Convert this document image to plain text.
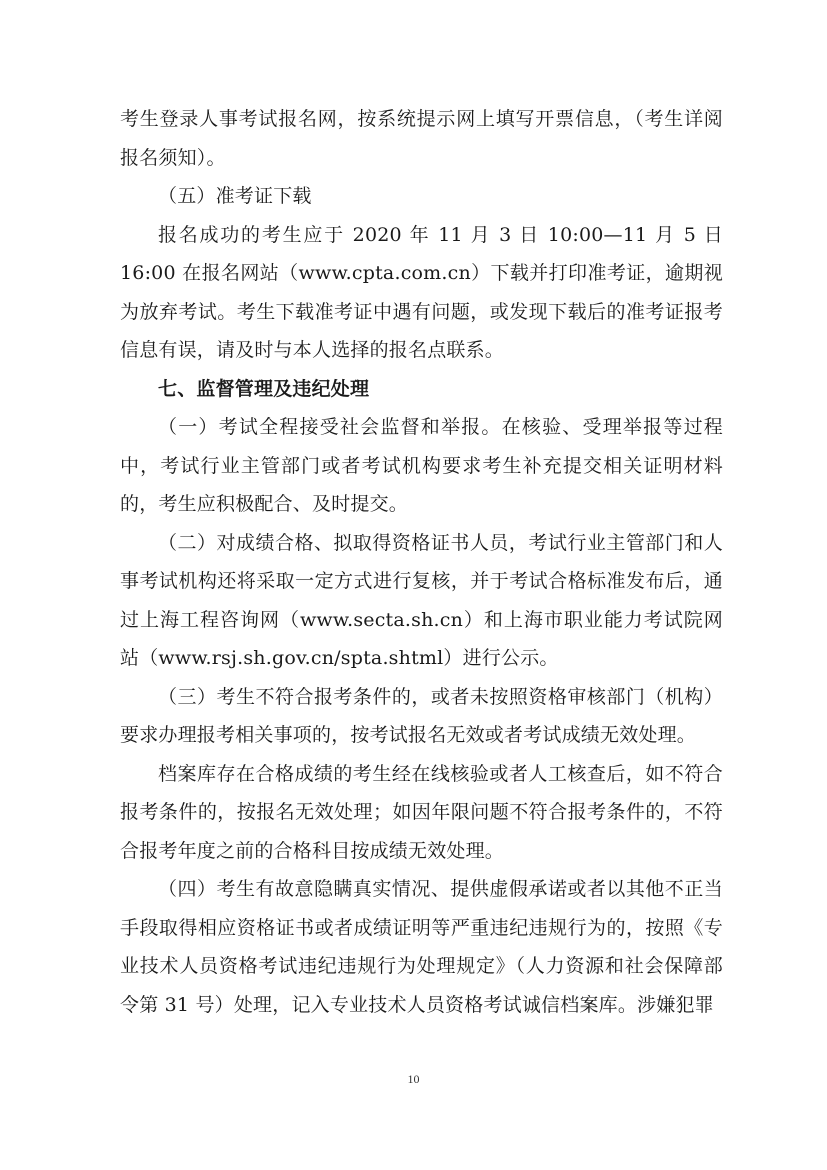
考生登录人事考试报名网，按系统提示网上填写开票信息，（考生详阅报名须知）。

（五）准考证下载

报名成功的考生应于 2020 年 11 月 3 日 10:00—11 月 5 日 16:00 在报名网站（www.cpta.com.cn）下载并打印准考证，逾期视为放弃考试。考生下载准考证中遇有问题，或发现下载后的准考证报考信息有误，请及时与本人选择的报名点联系。

七、监督管理及违纪处理

（一）考试全程接受社会监督和举报。在核验、受理举报等过程中，考试行业主管部门或者考试机构要求考生补充提交相关证明材料的，考生应积极配合、及时提交。

（二）对成绩合格、拟取得资格证书人员，考试行业主管部门和人事考试机构还将采取一定方式进行复核，并于考试合格标准发布后，通过上海工程咨询网（www.secta.sh.cn）和上海市职业能力考试院网站（www.rsj.sh.gov.cn/spta.shtml）进行公示。

（三）考生不符合报考条件的，或者未按照资格审核部门（机构）要求办理报考相关事项的，按考试报名无效或者考试成绩无效处理。

档案库存在合格成绩的考生经在线核验或者人工核查后，如不符合报考条件的，按报名无效处理；如因年限问题不符合报考条件的，不符合报考年度之前的合格科目按成绩无效处理。

（四）考生有故意隐瞒真实情况、提供虚假承诺或者以其他不正当手段取得相应资格证书或者成绩证明等严重违纪违规行为的，按照《专业技术人员资格考试违纪违规行为处理规定》（人力资源和社会保障部令第 31 号）处理，记入专业技术人员资格考试诚信档案库。涉嫌犯罪

10
